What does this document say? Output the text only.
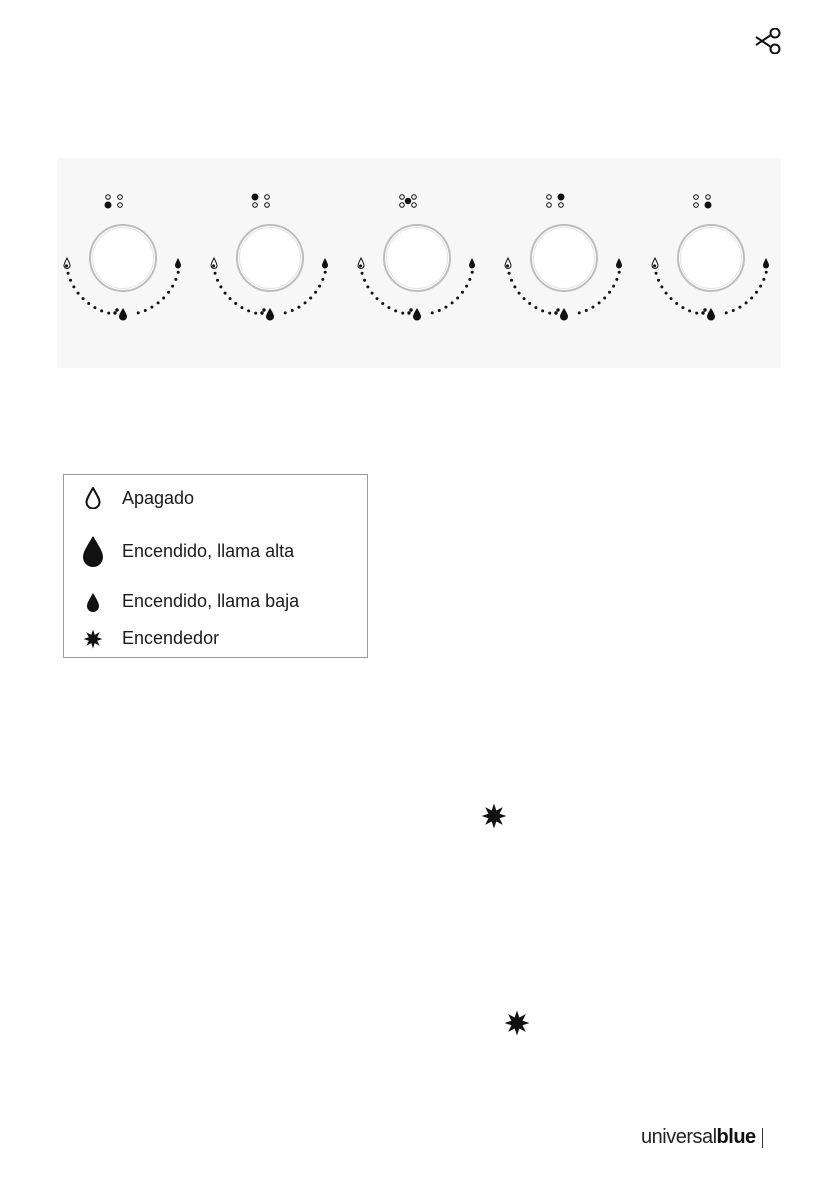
Apagado
Encendido, llama alta
Encendido, llama baja
Encendedor
universal blue
